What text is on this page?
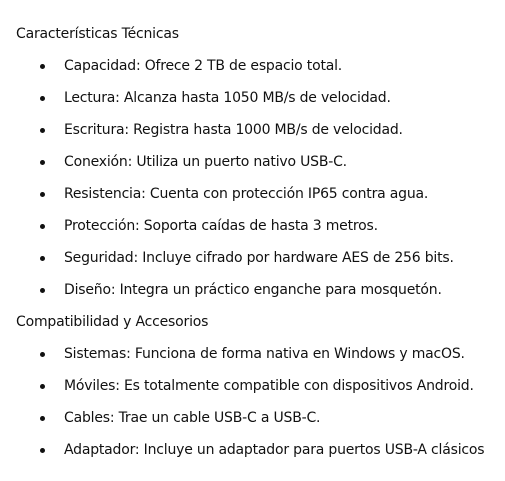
Características Técnicas
Capacidad: Ofrece 2 TB de espacio total.
Lectura: Alcanza hasta 1050 MB/s de velocidad.
Escritura: Registra hasta 1000 MB/s de velocidad.
Conexión: Utiliza un puerto nativo USB-C.
Resistencia: Cuenta con protección IP65 contra agua.
Protección: Soporta caídas de hasta 3 metros.
Seguridad: Incluye cifrado por hardware AES de 256 bits.
Diseño: Integra un práctico enganche para mosquetón.
Compatibilidad y Accesorios
Sistemas: Funciona de forma nativa en Windows y macOS.
Móviles: Es totalmente compatible con dispositivos Android.
Cables: Trae un cable USB-C a USB-C.
Adaptador: Incluye un adaptador para puertos USB-A clásicos
